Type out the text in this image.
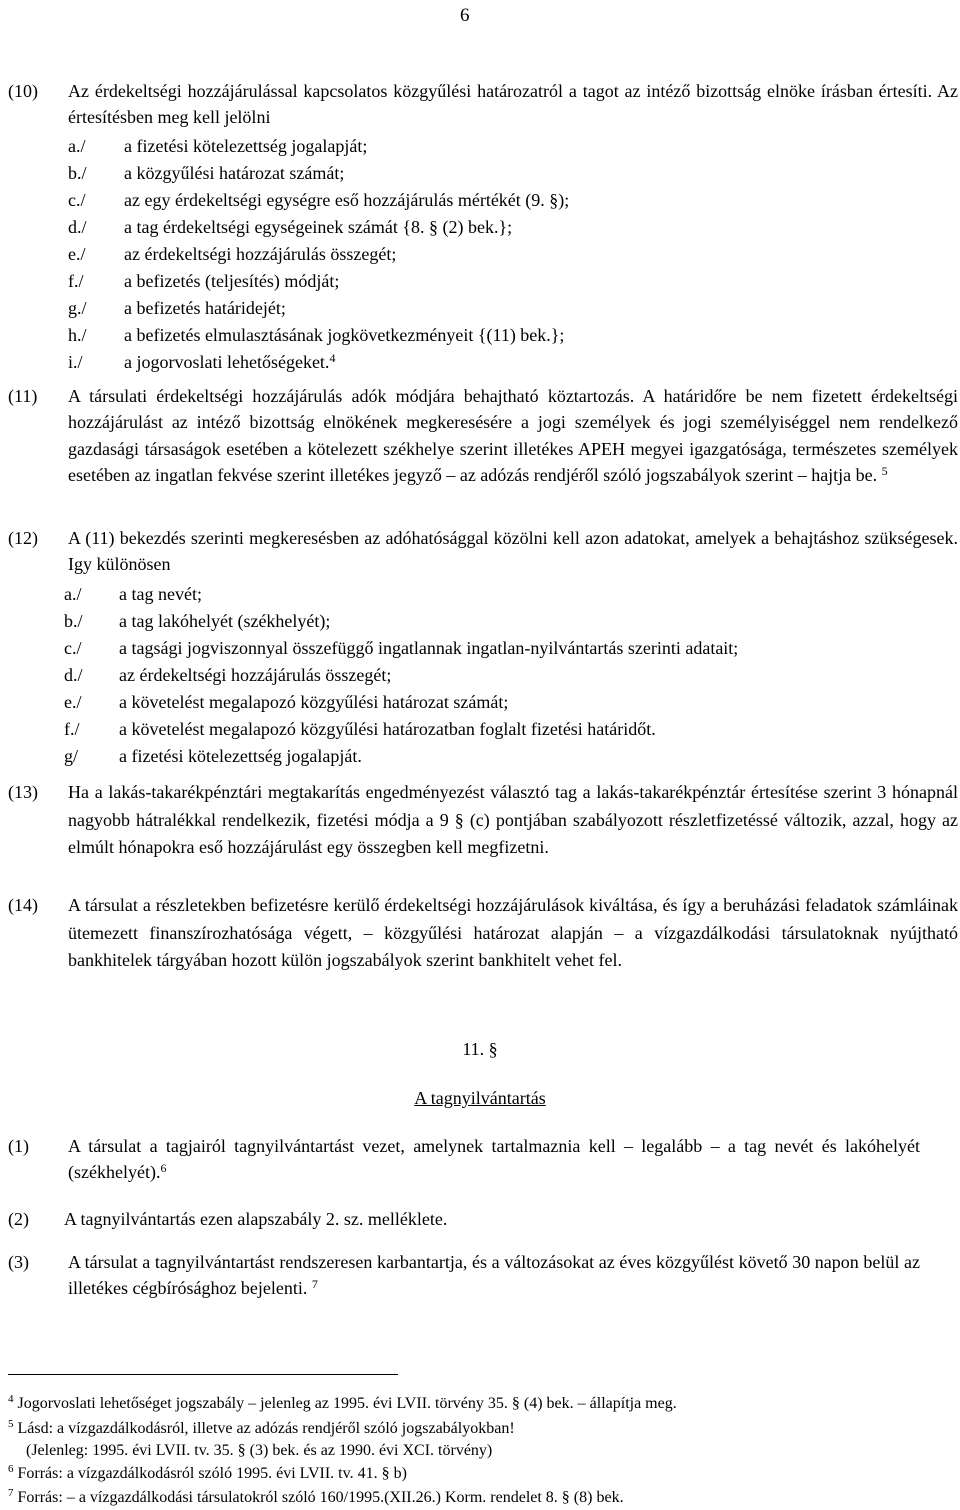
6
(10) Az érdekeltségi hozzájárulással kapcsolatos közgyűlési határozatról a tagot az intéző bizottság elnöke írásban értesíti. Az értesítésben meg kell jelölni
a./ a fizetési kötelezettség jogalapját;
b./ a közgyűlési határozat számát;
c./ az egy érdekeltségi egységre eső hozzájárulás mértékét (9. §);
d./ a tag érdekeltségi egységeinek számát {8. § (2) bek.};
e./ az érdekeltségi hozzájárulás összegét;
f./ a befizetés (teljesítés) módját;
g./ a befizetés határidejét;
h./ a befizetés elmulasztásának jogkövetkezményeit {(11) bek.};
i./ a jogorvoslati lehetőségeket.$^4$
(11) A társulati érdekeltségi hozzájárulás adók módjára behajtható köztartozás. A határidőre be nem fizetett érdekeltségi hozzájárulást az intéző bizottság elnökének megkeresésére a jogi személyek és jogi személyiséggel nem rendelkező gazdasági társaságok esetében a kötelezett székhelye szerint illetékes APEH megyei igazgatósága, természetes személyek esetében az ingatlan fekvése szerint illetékes jegyző – az adózás rendjéről szóló jogszabályok szerint – hajtja be. $^5$
(12) A (11) bekezdés szerinti megkeresésben az adóhatósággal közölni kell azon adatokat, amelyek a behajtáshoz szükségesek. Igy különösen
a./ a tag nevét;
b./ a tag lakóhelyét (székhelyét);
c./ a tagsági jogviszonnyal összefüggő ingatlannak ingatlan-nyilvántartás szerinti adatait;
d./ az érdekeltségi hozzájárulás összegét;
e./ a követelést megalapozó közgyűlési határozat számát;
f./ a követelést megalapozó közgyűlési határozatban foglalt fizetési határidőt.
g/ a fizetési kötelezettség jogalapját.
(13) Ha a lakás-takarékpénztári megtakarítás engedményezést választó tag a lakás-takarékpénztár értesítése szerint 3 hónapnál nagyobb hátralékkal rendelkezik, fizetési módja a 9 § (c) pontjában szabályozott részletfizetéssé változik, azzal, hogy az elmúlt hónapokra eső hozzájárulást egy összegben kell megfizetni.
(14) A társulat a részletekben befizetésre kerülő érdekeltségi hozzájárulások kiváltása, és így a beruházási feladatok számláinak ütemezett finanszírozhatósága végett, – közgyűlési határozat alapján – a vízgazdálkodási társulatoknak nyújtható bankhitelek tárgyában hozott külön jogszabályok szerint bankhitelt vehet fel.
11. §
A tagnyilvántartás
(1) A társulat a tagjairól tagnyilvántartást vezet, amelynek tartalmaznia kell – legalább – a tag nevét és lakóhelyét (székhelyét).$^6$
(2) A tagnyilvántartás ezen alapszabály 2. sz. melléklete.
(3) A társulat a tagnyilvántartást rendszeresen karbantartja, és a változásokat az éves közgyűlést követő 30 napon belül az illetékes cégbírósághoz bejelenti. $^7$
$^4$ Jogorvoslati lehetőséget jogszabály – jelenleg az 1995. évi LVII. törvény 35. § (4) bek. – állapítja meg.
$^5$ Lásd: a vízgazdálkodásról, illetve az adózás rendjéről szóló jogszabályokban!
(Jelenleg: 1995. évi LVII. tv. 35. § (3) bek. és az 1990. évi XCI. törvény)
$^6$ Forrás: a vízgazdálkodásról szóló 1995. évi LVII. tv. 41. § b)
$^7$ Forrás: – a vízgazdálkodási társulatokról szóló 160/1995.(XII.26.) Korm. rendelet 8. § (8) bek.
